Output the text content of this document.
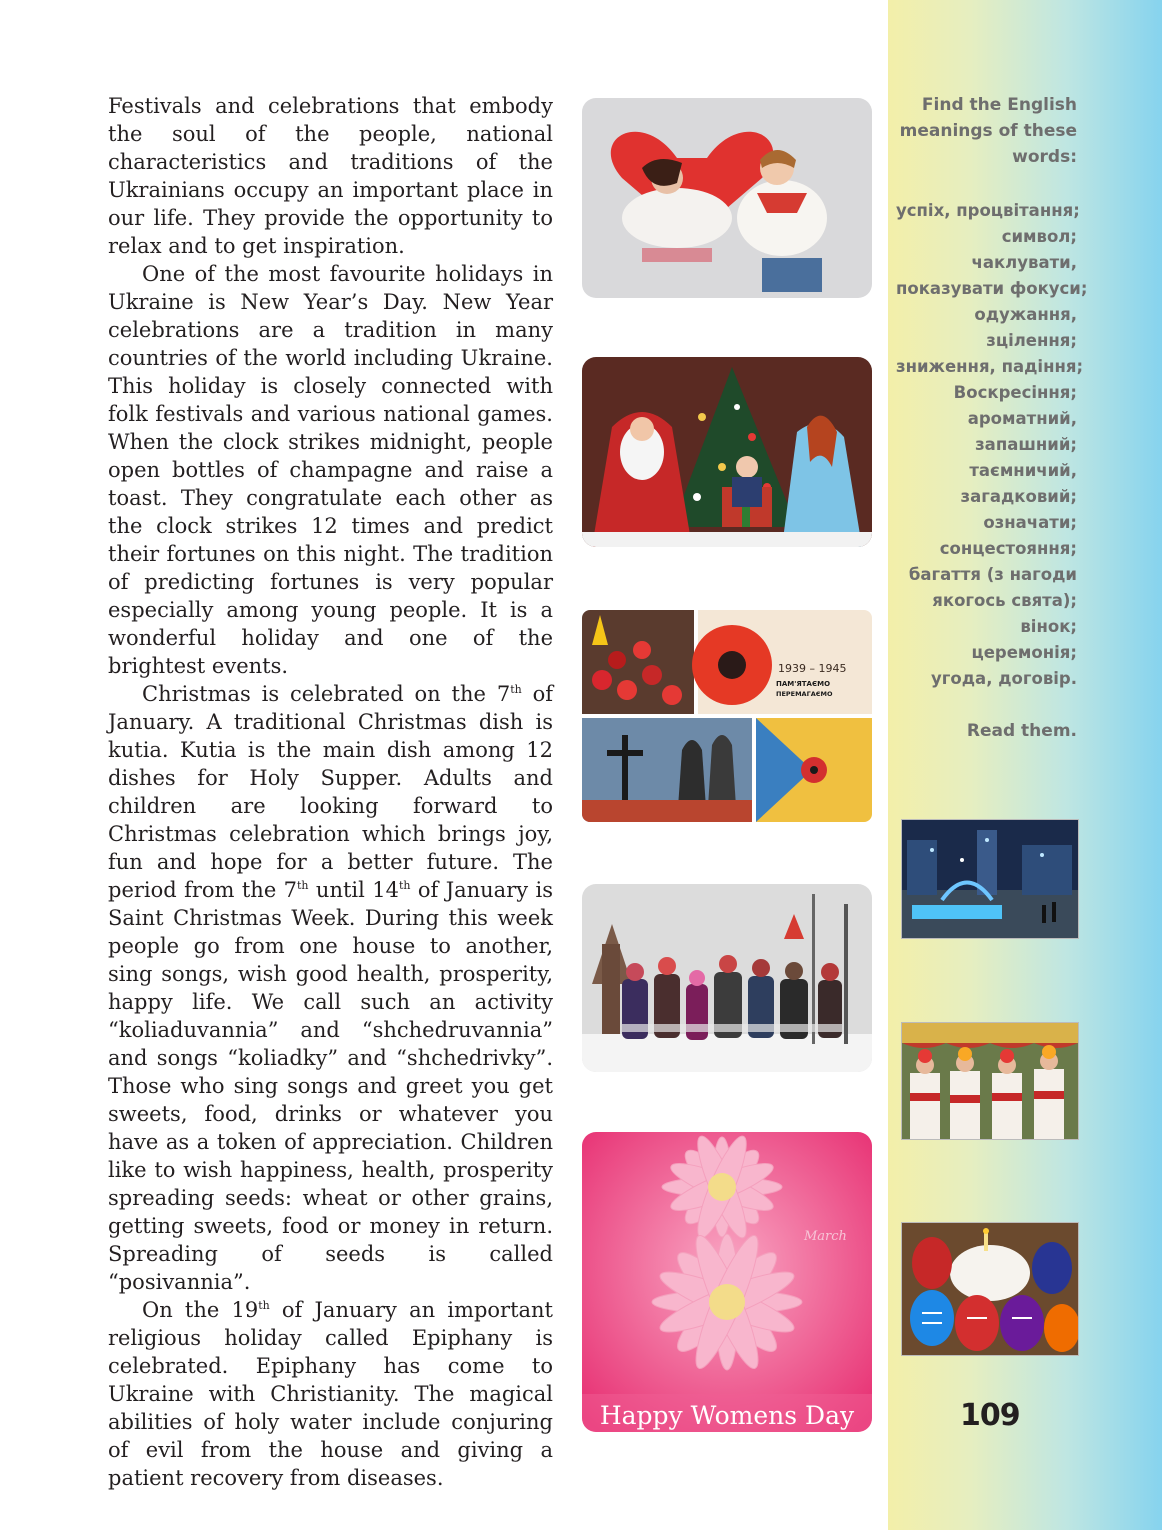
Festivals and celebrations that embody the soul of the people, national characteristics and traditions of the Ukrainians occupy an important place in our life. They provide the opportunity to relax and to get inspiration.

One of the most favourite holidays in Ukraine is New Year’s Day. New Year celebrations are a tradition in many countries of the world including Ukraine. This holiday is closely connected with folk festivals and various national games. When the clock strikes midnight, people open bottles of champagne and raise a toast. They congratulate each other as the clock strikes 12 times and predict their fortunes on this night. The tradition of predicting fortunes is very popular especially among young people. It is a wonderful holiday and one of the brightest events.

Christmas is celebrated on the 7th of January. A traditional Christmas dish is kutia. Kutia is the main dish among 12 dishes for Holy Supper. Adults and children are looking forward to Christmas celebration which brings joy, fun and hope for a better future. The period from the 7th until 14th of January is Saint Christmas Week. During this week people go from one house to another, sing songs, wish good health, prosperity, happy life. We call such an activity “koliaduvannia” and “shchedruvannia” and songs “koliadky” and “shchedrivky”. Those who sing songs and greet you get sweets, food, drinks or whatever you have as a token of appreciation. Children like to wish happiness, health, prosperity spreading seeds: wheat or other grains, getting sweets, food or money in return. Spreading of seeds is called “posivannia”.

On the 19th of January an important religious holiday called Epiphany is celebrated. Epiphany has come to Ukraine with Christianity. The magical abilities of holy water include conjuring of evil from the house and giving a patient recovery from diseases.

1939 – 1945
ПАМ'ЯТАЄМО
ПЕРЕМАГАЄМО
March
Happy Womens Day

Find the English meanings of these words:

успіх, процвітання;
символ;
чаклувати,
показувати фокуси;
одужання,
зцілення;
зниження, падіння;
Воскресіння;
ароматний,
запашний;
таємничий,
загадковий;
означати;
сонцестояння;
багаття (з нагоди
якогось свята);
вінок;
церемонія;
угода, договір.
Read them.
109
